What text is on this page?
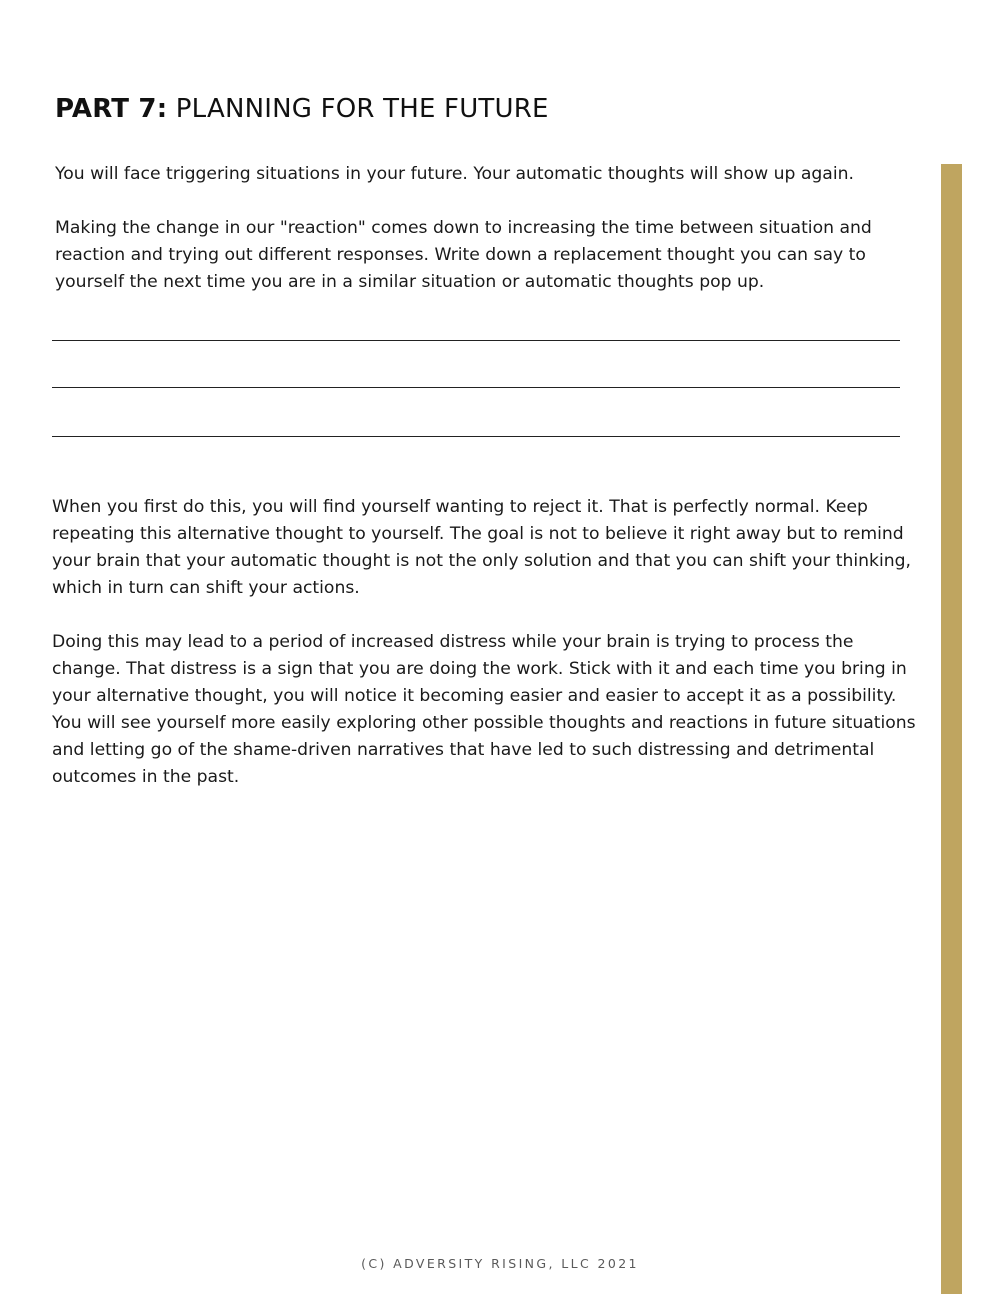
PART 7: PLANNING FOR THE FUTURE

You will face triggering situations in your future. Your automatic thoughts will show up again.

Making the change in our "reaction" comes down to increasing the time between situation and reaction and trying out different responses. Write down a replacement thought you can say to yourself the next time you are in a similar situation or automatic thoughts pop up.

When you first do this, you will find yourself wanting to reject it. That is perfectly normal. Keep repeating this alternative thought to yourself. The goal is not to believe it right away but to remind your brain that your automatic thought is not the only solution and that you can shift your thinking, which in turn can shift your actions.

Doing this may lead to a period of increased distress while your brain is trying to process the change. That distress is a sign that you are doing the work. Stick with it and each time you bring in your alternative thought, you will notice it becoming easier and easier to accept it as a possibility. You will see yourself more easily exploring other possible thoughts and reactions in future situations and letting go of the shame-driven narratives that have led to such distressing and detrimental outcomes in the past.

(C) ADVERSITY RISING, LLC 2021
